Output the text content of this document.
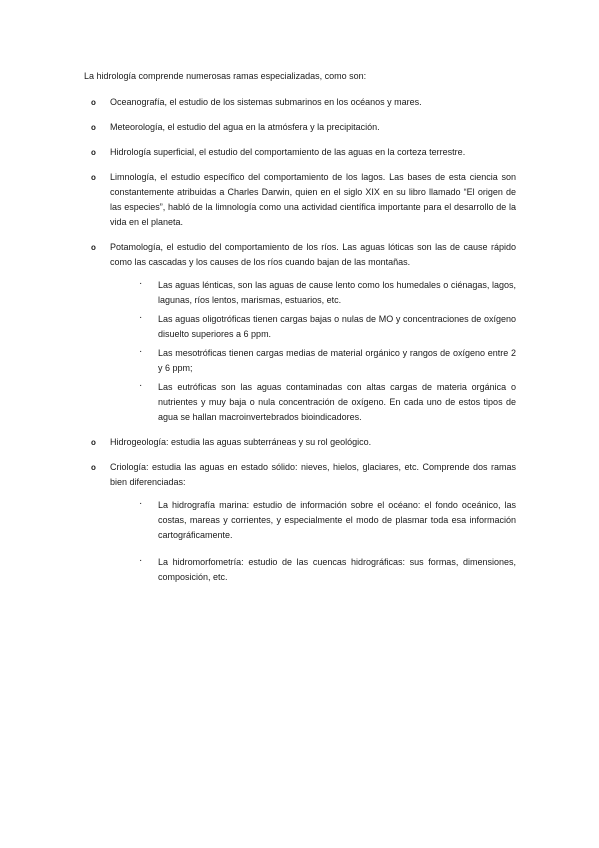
La hidrología comprende numerosas ramas especializadas, como son:

o Oceanografía, el estudio de los sistemas submarinos en los océanos y mares.
o Meteorología, el estudio del agua en la atmósfera y la precipitación.
o Hidrología superficial, el estudio del comportamiento de las aguas en la corteza terrestre.
o Limnología, el estudio específico del comportamiento de los lagos. Las bases de esta ciencia son constantemente atribuidas a Charles Darwin, quien en el siglo XIX en su libro llamado “El origen de las especies”, habló de la limnología como una actividad científica importante para el desarrollo de la vida en el planeta.
o Potamología, el estudio del comportamiento de los ríos. Las aguas lóticas son las de cause rápido como las cascadas y los causes de los ríos cuando bajan de las montañas.
· Las aguas lénticas, son las aguas de cause lento como los humedales o ciénagas, lagos, lagunas, ríos lentos, marismas, estuarios, etc.
· Las aguas oligotróficas tienen cargas bajas o nulas de MO y concentraciones de oxígeno disuelto superiores a 6 ppm.
· Las mesotróficas tienen cargas medias de material orgánico y rangos de oxígeno entre 2 y 6 ppm;
· Las eutróficas son las aguas contaminadas con altas cargas de materia orgánica o nutrientes y muy baja o nula concentración de oxígeno. En cada uno de estos tipos de agua se hallan macroinvertebrados bioindicadores.
o Hidrogeología: estudia las aguas subterráneas y su rol geológico.
o Criología: estudia las aguas en estado sólido: nieves, hielos, glaciares, etc. Comprende dos ramas bien diferenciadas:
· La hidrografía marina: estudio de información sobre el océano: el fondo oceánico, las costas, mareas y corrientes, y especialmente el modo de plasmar toda esa información cartográficamente.
· La hidromorfometría: estudio de las cuencas hidrográficas: sus formas, dimensiones, composición, etc.
